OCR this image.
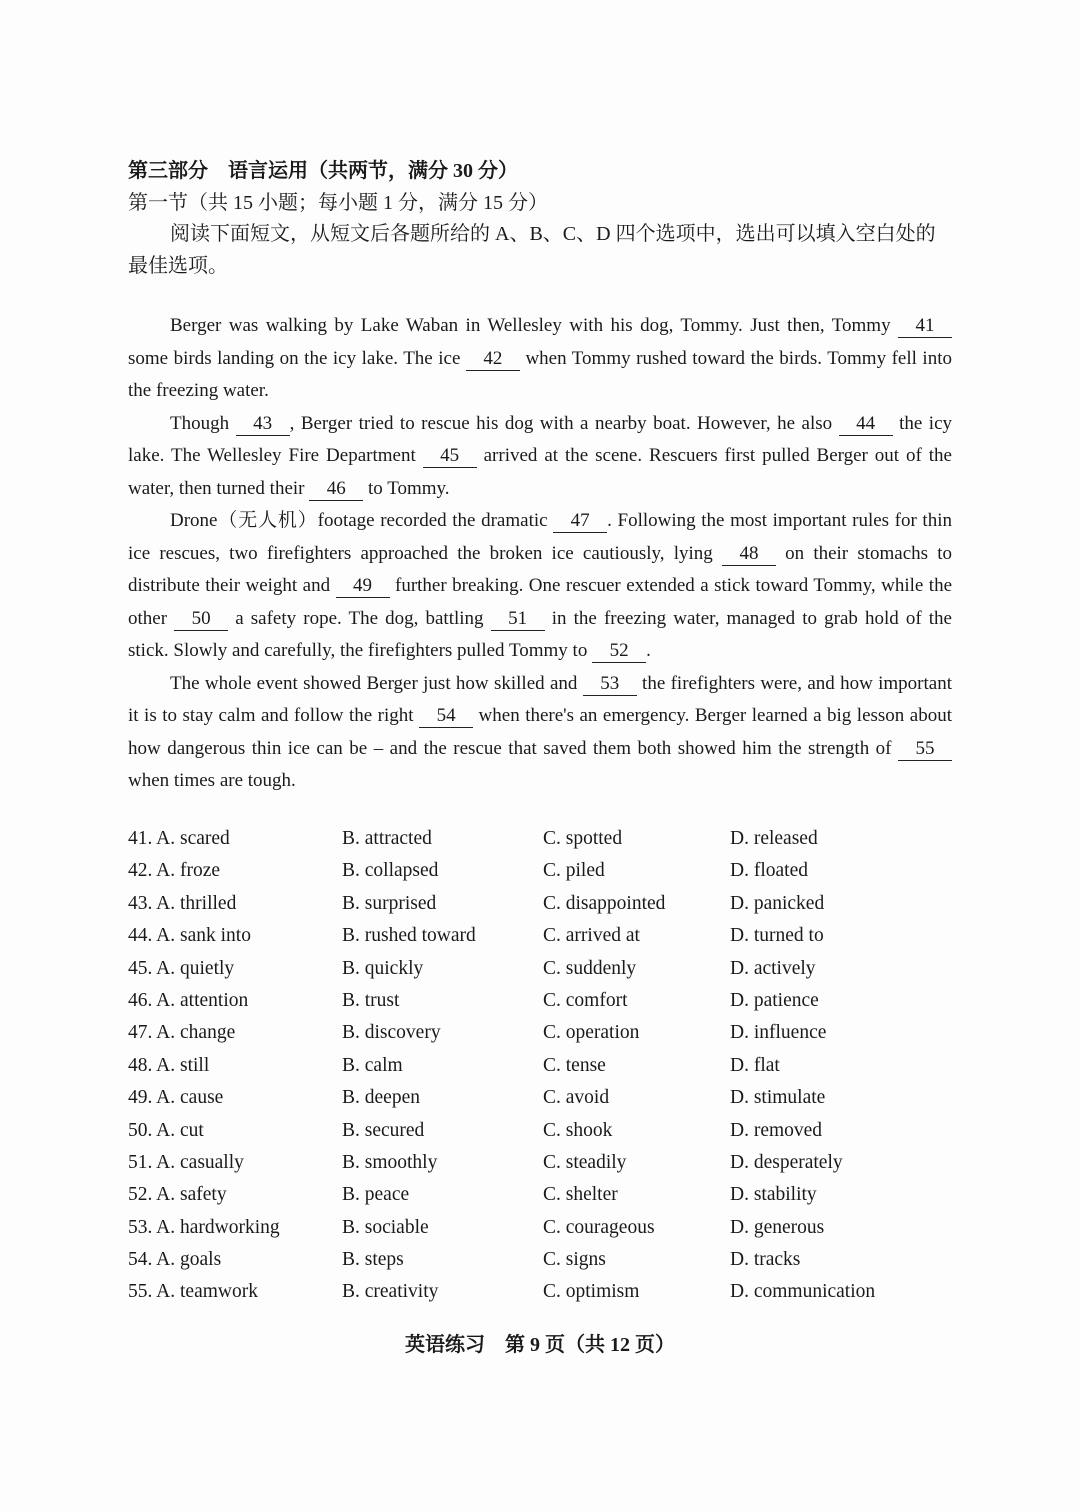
第三部分　语言运用（共两节，满分 30 分）
第一节（共 15 小题；每小题 1 分，满分 15 分）
阅读下面短文，从短文后各题所给的 A、B、C、D 四个选项中，选出可以填入空白处的最佳选项。

Berger was walking by Lake Waban in Wellesley with his dog, Tommy. Just then, Tommy 41 some birds landing on the icy lake. The ice 42 when Tommy rushed toward the birds. Tommy fell into the freezing water.

Though 43 , Berger tried to rescue his dog with a nearby boat. However, he also 44 the icy lake. The Wellesley Fire Department 45 arrived at the scene. Rescuers first pulled Berger out of the water, then turned their 46 to Tommy.

Drone（无人机）footage recorded the dramatic 47 . Following the most important rules for thin ice rescues, two firefighters approached the broken ice cautiously, lying 48 on their stomachs to distribute their weight and 49 further breaking. One rescuer extended a stick toward Tommy, while the other 50 a safety rope. The dog, battling 51 in the freezing water, managed to grab hold of the stick. Slowly and carefully, the firefighters pulled Tommy to 52 .

The whole event showed Berger just how skilled and 53 the firefighters were, and how important it is to stay calm and follow the right 54 when there's an emergency. Berger learned a big lesson about how dangerous thin ice can be – and the rescue that saved them both showed him the strength of 55 when times are tough.

41. A. scared	B. attracted	C. spotted	D. released
42. A. froze	B. collapsed	C. piled	D. floated
43. A. thrilled	B. surprised	C. disappointed	D. panicked
44. A. sank into	B. rushed toward	C. arrived at	D. turned to
45. A. quietly	B. quickly	C. suddenly	D. actively
46. A. attention	B. trust	C. comfort	D. patience
47. A. change	B. discovery	C. operation	D. influence
48. A. still	B. calm	C. tense	D. flat
49. A. cause	B. deepen	C. avoid	D. stimulate
50. A. cut	B. secured	C. shook	D. removed
51. A. casually	B. smoothly	C. steadily	D. desperately
52. A. safety	B. peace	C. shelter	D. stability
53. A. hardworking	B. sociable	C. courageous	D. generous
54. A. goals	B. steps	C. signs	D. tracks
55. A. teamwork	B. creativity	C. optimism	D. communication
英语练习　第 9 页（共 12 页）
